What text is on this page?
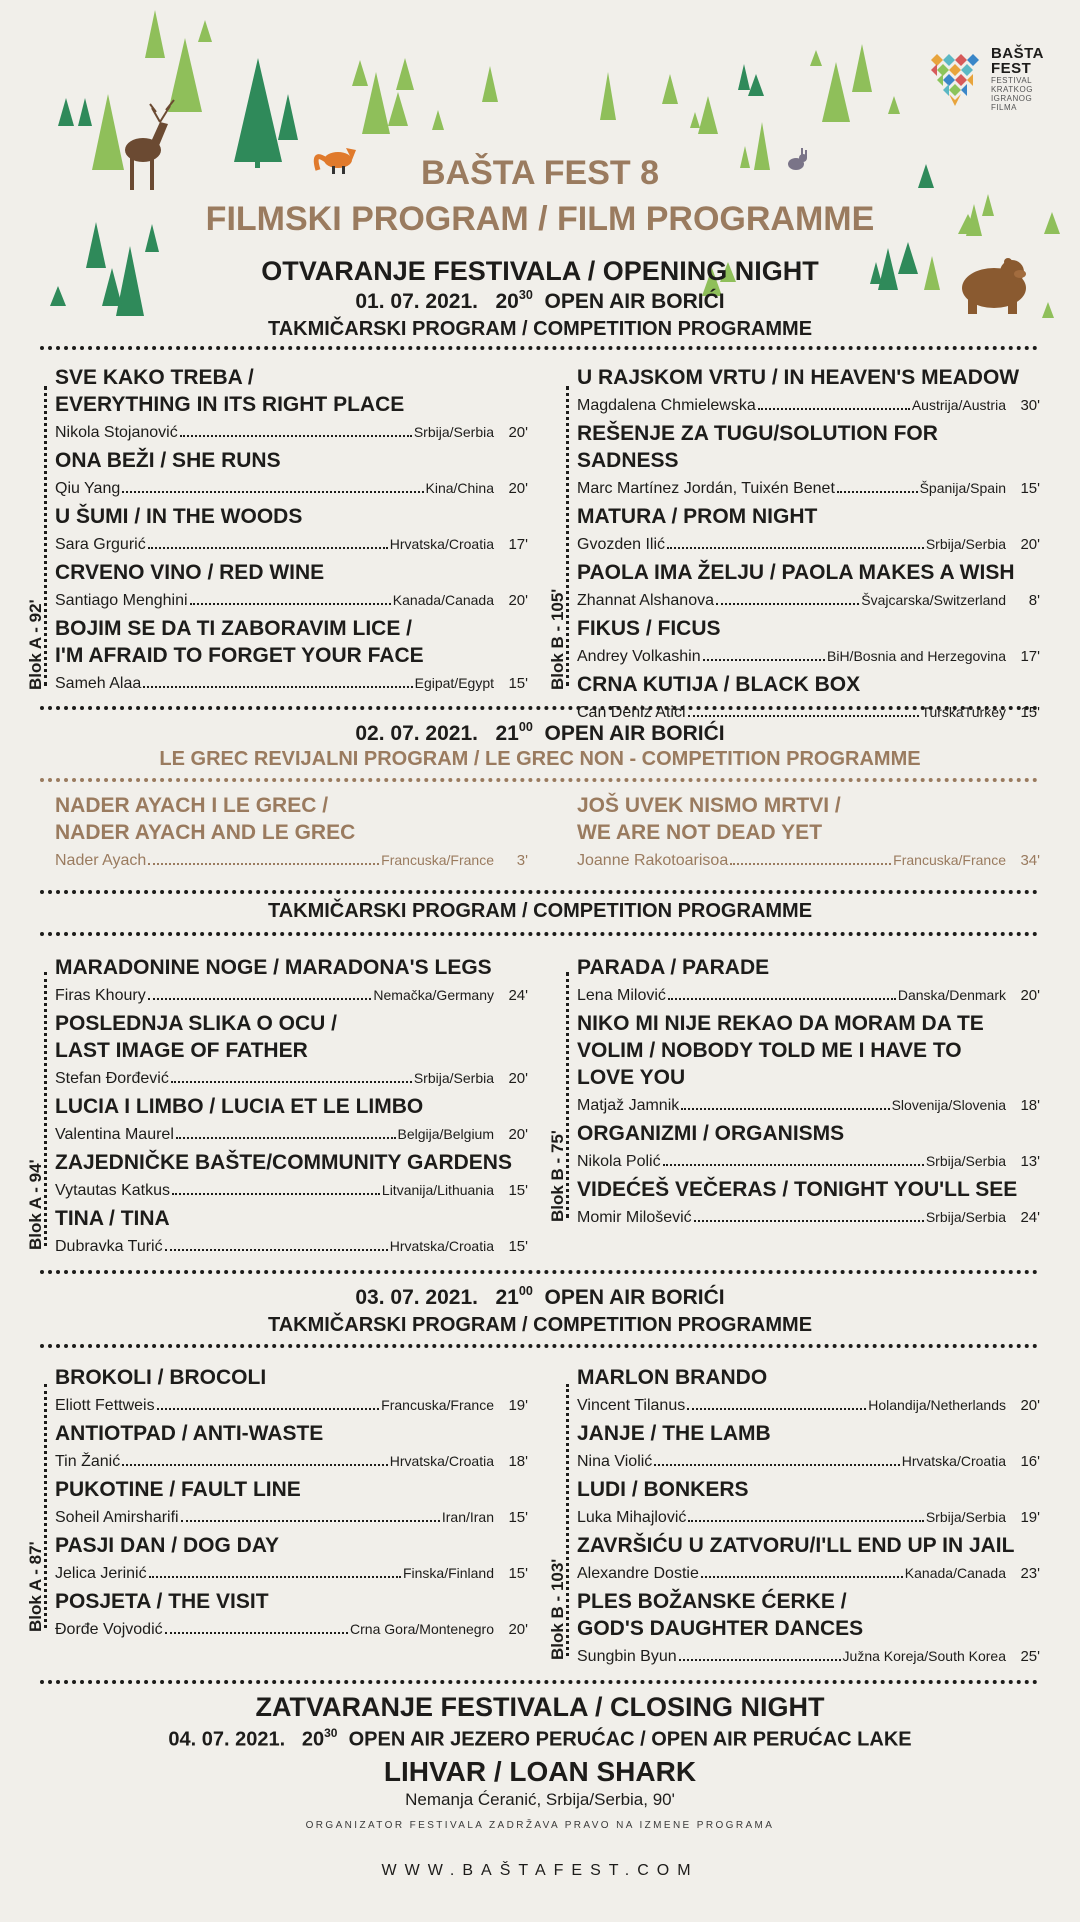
BAŠTA
FEST
FESTIVAL
KRATKOG
IGRANOG
FILMA
BAŠTA FEST 8
FILMSKI PROGRAM / FILM PROGRAMME
OTVARANJE FESTIVALA / OPENING NIGHT
01. 07. 2021. $20^{30}$ OPEN AIR BORIĆI
TAKMIČARSKI PROGRAM / COMPETITION PROGRAMME
Blok A - 92'
SVE KAKO TREBA /
EVERYTHING IN ITS RIGHT PLACE
Nikola Stojanović	Srbija/Serbia 20'
ONA BEŽI / SHE RUNS
Qiu Yang	Kina/China 20'
U ŠUMI / IN THE WOODS
Sara Grgurić	Hrvatska/Croatia 17'
CRVENO VINO / RED WINE
Santiago Menghini	Kanada/Canada 20'
BOJIM SE DA TI ZABORAVIM LICE /
I'M AFRAID TO FORGET YOUR FACE
Sameh Alaa	Egipat/Egypt 15' Blok B - 105'
U RAJSKOM VRTU / IN HEAVEN'S MEADOW
Magdalena Chmielewska	Austrija/Austria 30'
REŠENJE ZA TUGU/SOLUTION FOR SADNESS
Marc Martínez Jordán, Tuixén Benet	Španija/Spain 15'
MATURA / PROM NIGHT
Gvozden Ilić	Srbija/Serbia 20'
PAOLA IMA ŽELJU / PAOLA MAKES A WISH
Zhannat Alshanova	Švajcarska/Switzerland	8'
FIKUS / FICUS
Andrey Volkashin	BiH/Bosnia and Herzegovina 17'
CRNA KUTIJA / BLACK BOX
Can Deniz Atici	TurskaTurkey 15'
02. 07. 2021. $21^{00}$ OPEN AIR BORIĆI
LE GREC REVIJALNI PROGRAM / LE GREC NON - COMPETITION PROGRAMME
NADER AYACH I LE GREC /
NADER AYACH AND LE GREC
Nader Ayach	Francuska/France	3'
JOŠ UVEK NISMO MRTVI /
WE ARE NOT DEAD YET
Joanne Rakotoarisoa	Francuska/France 34'
TAKMIČARSKI PROGRAM / COMPETITION PROGRAMME
Blok A - 94'
MARADONINE NOGE / MARADONA'S LEGS
Firas Khoury	Nemačka/Germany 24'
POSLEDNJA SLIKA O OCU /
LAST IMAGE OF FATHER
Stefan Đorđević	Srbija/Serbia 20'
LUCIA I LIMBO / LUCIA ET LE LIMBO
Valentina Maurel	Belgija/Belgium 20'
ZAJEDNIČKE BAŠTE/COMMUNITY GARDENS
Vytautas Katkus	Litvanija/Lithuania 15'
TINA / TINA
Dubravka Turić	Hrvatska/Croatia 15'
Blok B - 75'
PARADA / PARADE
Lena Milović	Danska/Denmark 20'
NIKO MI NIJE REKAO DA MORAM DA TE
VOLIM / NOBODY TOLD ME I HAVE TO
LOVE YOU
Matjaž Jamnik	Slovenija/Slovenia 18'
ORGANIZMI / ORGANISMS
Nikola Polić	Srbija/Serbia 13'
VIDEĆEŠ VEČERAS / TONIGHT YOU'LL SEE
Momir Milošević	Srbija/Serbia 24'
03. 07. 2021. $21^{00}$ OPEN AIR BORIĆI
TAKMIČARSKI PROGRAM / COMPETITION PROGRAMME
Blok A - 87'
BROKOLI / BROCOLI
Eliott Fettweis	Francuska/France 19'
ANTIOTPAD / ANTI-WASTE
Tin Žanić	Hrvatska/Croatia 18'
PUKOTINE / FAULT LINE
Soheil Amirsharifi	Iran/Iran 15'
PASJI DAN / DOG DAY
Jelica Jerinić	Finska/Finland 15'
POSJETA / THE VISIT
Đorđe Vojvodić	Crna Gora/Montenegro 20' Blok B - 103'
MARLON BRANDO
Vincent Tilanus	Holandija/Netherlands 20'
JANJE / THE LAMB
Nina Violić	Hrvatska/Croatia 16'
LUDI / BONKERS
Luka Mihajlović	Srbija/Serbia 19'
ZAVRŠIĆU U ZATVORU/I'LL END UP IN JAIL
Alexandre Dostie	Kanada/Canada 23'
PLES BOŽANSKE ĆERKE /
GOD'S DAUGHTER DANCES
Sungbin Byun	Južna Koreja/South Korea 25'
ZATVARANJE FESTIVALA / CLOSING NIGHT
04. 07. 2021. $20^{30}$ OPEN AIR JEZERO PERUĆAC / OPEN AIR PERUĆAC LAKE
LIHVAR / LOAN SHARK
Nemanja Ćeranić, Srbija/Serbia, 90'
ORGANIZATOR FESTIVALA ZADRŽAVA PRAVO NA IZMENE PROGRAMA
WWW.BAŠTAFEST.COM
